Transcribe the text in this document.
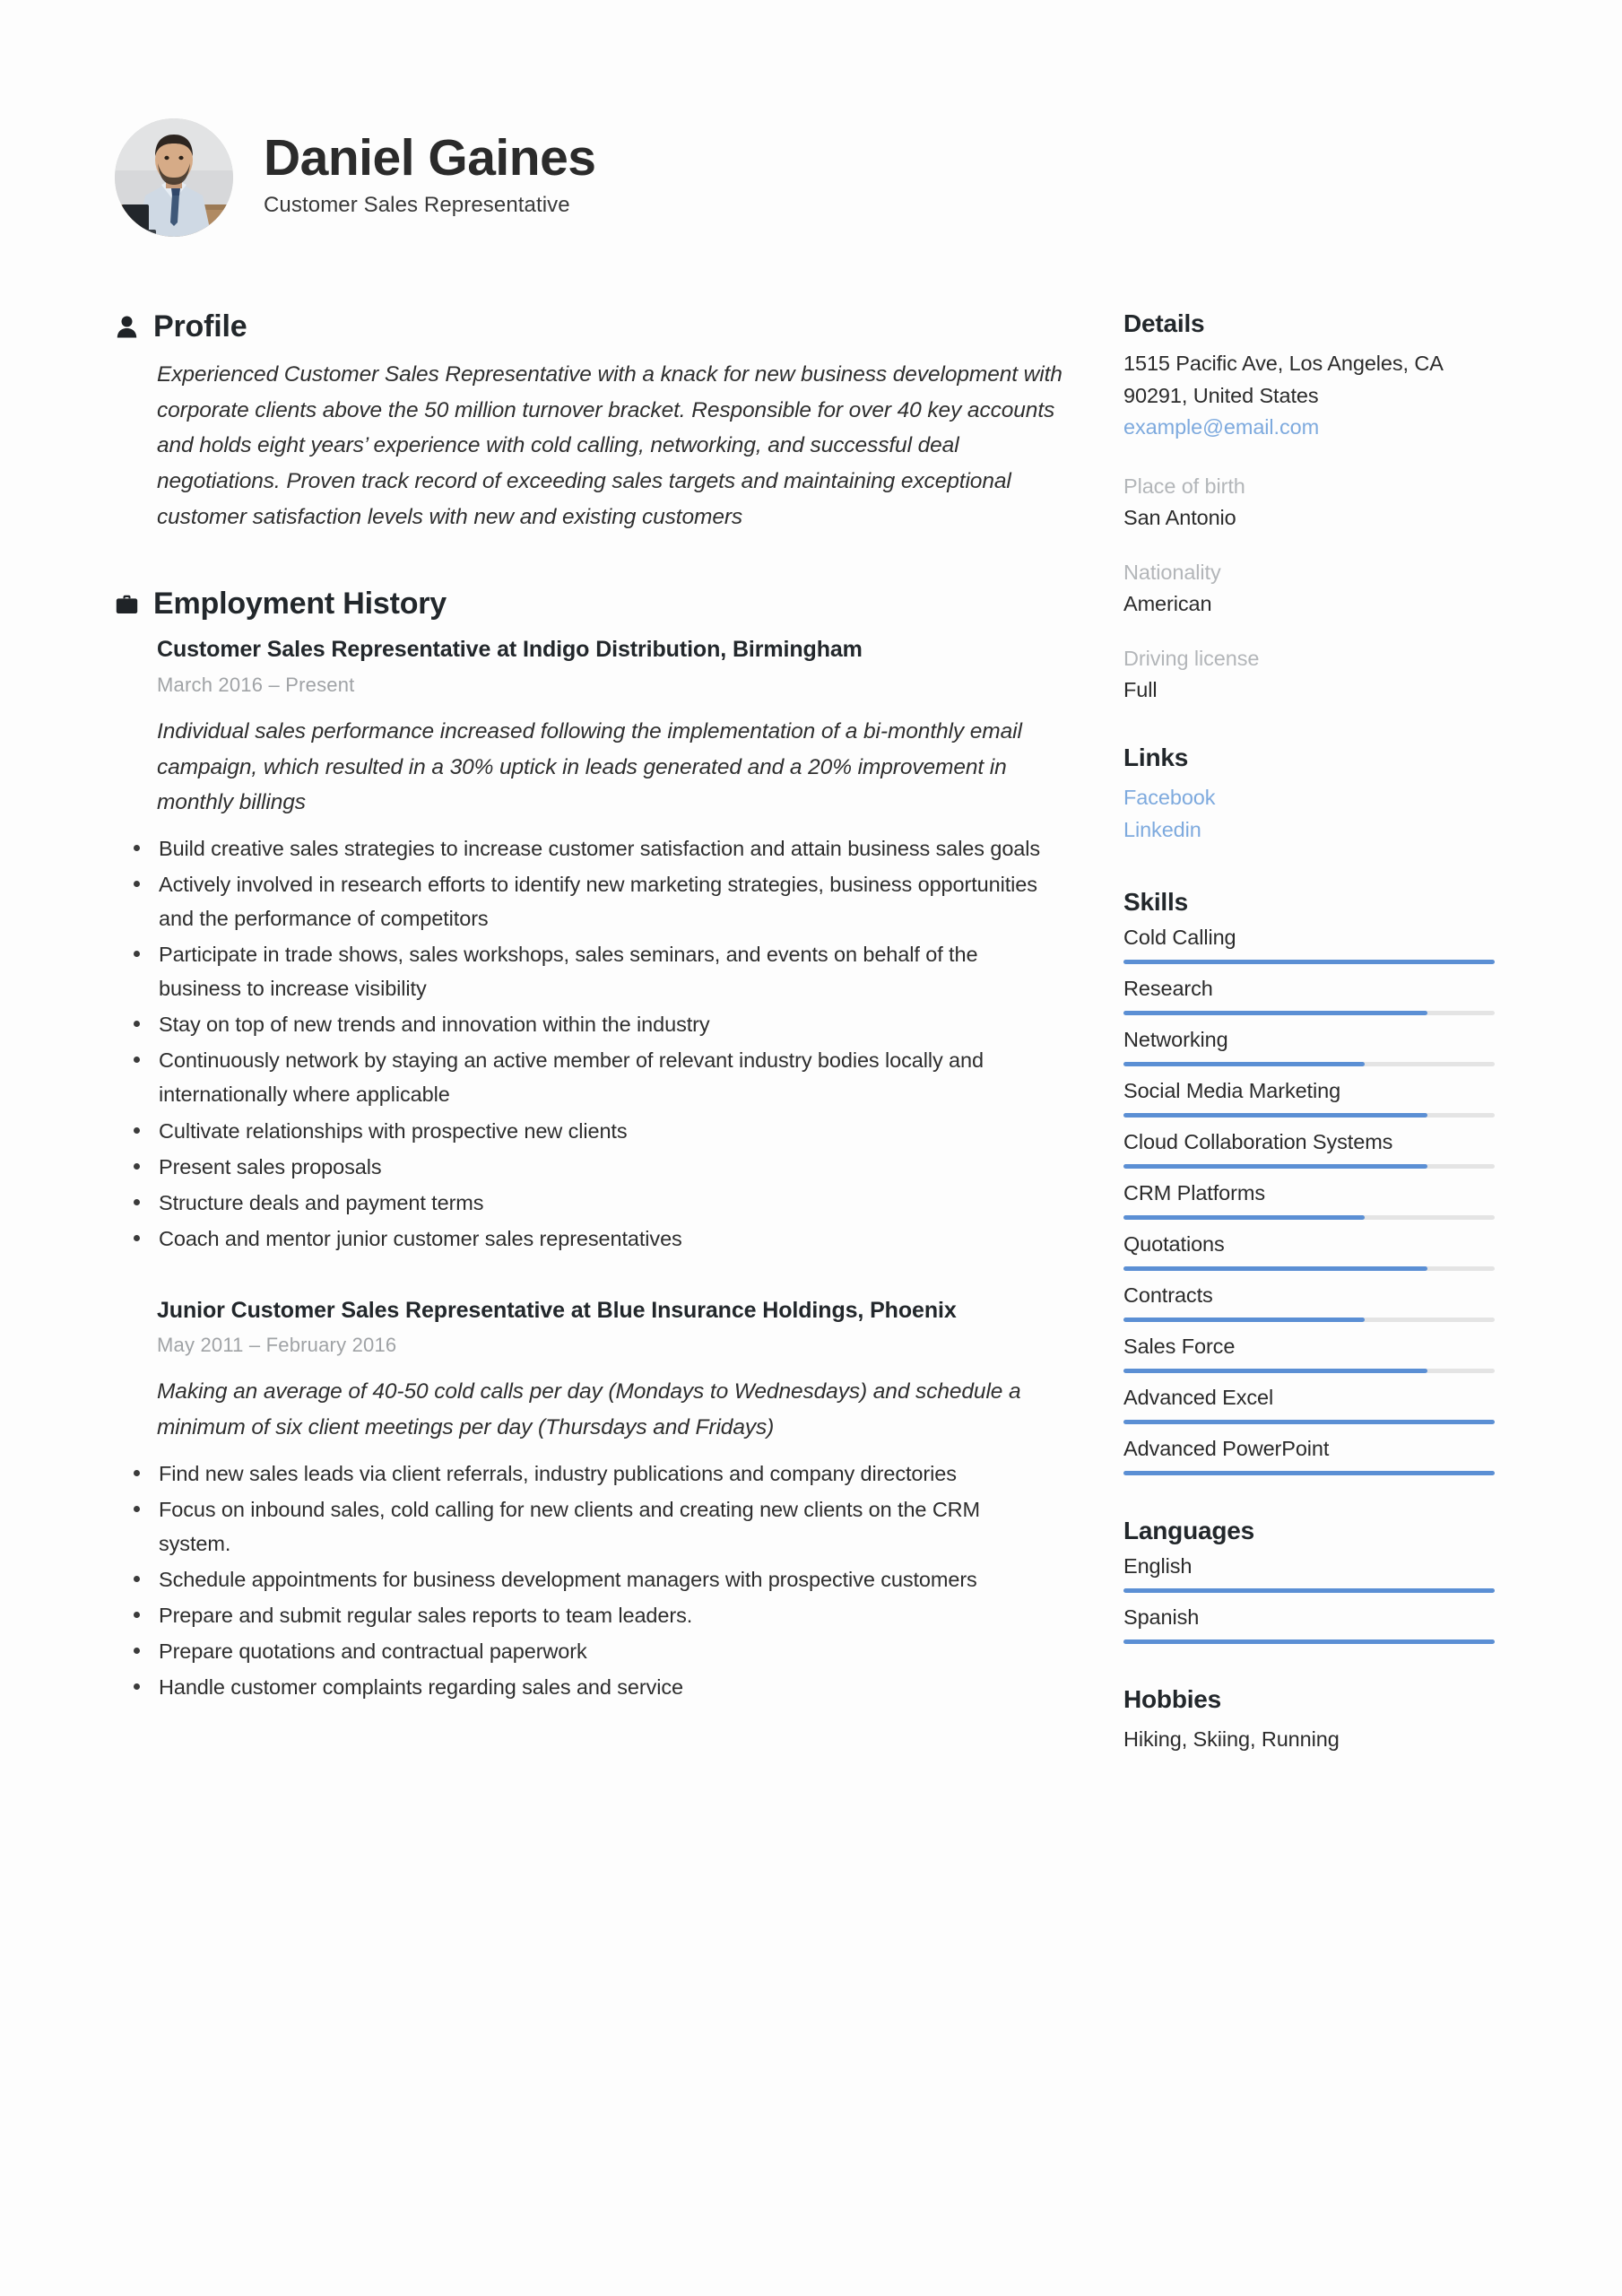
Daniel Gaines
Customer Sales Representative
Profile

Experienced Customer Sales Representative with a knack for new business development with corporate clients above the 50 million turnover bracket. Responsible for over 40 key accounts and holds eight years’ experience with cold calling, networking, and successful deal negotiations. Proven track record of exceeding sales targets and maintaining exceptional customer satisfaction levels with new and existing customers

Employment History
Customer Sales Representative at Indigo Distribution, Birmingham
March 2016 – Present
Individual sales performance increased following the implementation of a bi-monthly email campaign, which resulted in a 30% uptick in leads generated and a 20% improvement in monthly billings
Build creative sales strategies to increase customer satisfaction and attain business sales goals
Actively involved in research efforts to identify new marketing strategies, business opportunities and the performance of competitors
Participate in trade shows, sales workshops, sales seminars, and events on behalf of the business to increase visibility
Stay on top of new trends and innovation within the industry
Continuously network by staying an active member of relevant industry bodies locally and internationally where applicable
Cultivate relationships with prospective new clients
Present sales proposals
Structure deals and payment terms
Coach and mentor junior customer sales representatives
Junior Customer Sales Representative at Blue Insurance Holdings, Phoenix
May 2011 – February 2016
Making an average of 40-50 cold calls per day (Mondays to Wednesdays) and schedule a minimum of six client meetings per day (Thursdays and Fridays)
Find new sales leads via client referrals, industry publications and company directories
Focus on inbound sales, cold calling for new clients and creating new clients on the CRM system.
Schedule appointments for business development managers with prospective customers
Prepare and submit regular sales reports to team leaders.
Prepare quotations and contractual paperwork
Handle customer complaints regarding sales and service
Details
1515 Pacific Ave, Los Angeles, CA
90291, United States
example@email.com
Place of birth
San Antonio
Nationality
American
Driving license
Full
Links
Facebook
Linkedin
Skills
Cold Calling
Research
Networking
Social Media Marketing
Cloud Collaboration Systems
CRM Platforms
Quotations
Contracts
Sales Force
Advanced Excel
Advanced PowerPoint
Languages
English
Spanish
Hobbies
Hiking, Skiing, Running
